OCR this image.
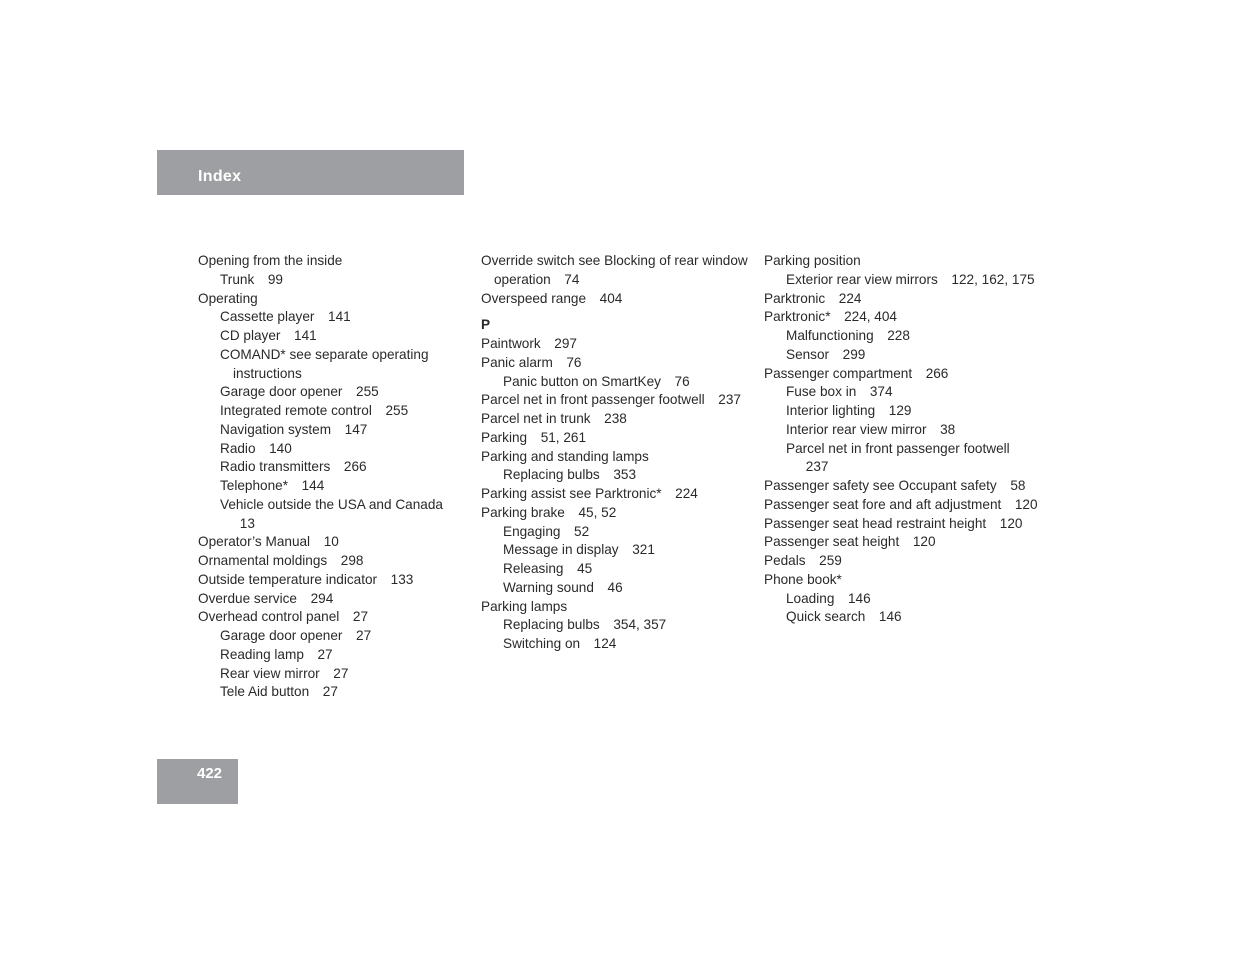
Index
Opening from the inside
Trunk  99
Operating
Cassette player  141
CD player  141
COMAND* see separate operating instructions
Garage door opener  255
Integrated remote control  255
Navigation system  147
Radio  140
Radio transmitters  266
Telephone*  144
Vehicle outside the USA and Canada 13
Operator’s Manual  10
Ornamental moldings  298
Outside temperature indicator  133
Overdue service  294
Overhead control panel  27
Garage door opener  27
Reading lamp  27
Rear view mirror  27
Tele Aid button  27
Override switch see Blocking of rear window operation  74
Overspeed range  404
P
Paintwork  297
Panic alarm  76
Panic button on SmartKey  76
Parcel net in front passenger footwell  237
Parcel net in trunk  238
Parking  51, 261
Parking and standing lamps
Replacing bulbs  353
Parking assist see Parktronic*  224
Parking brake  45, 52
Engaging  52
Message in display  321
Releasing  45
Warning sound  46
Parking lamps
Replacing bulbs  354, 357
Switching on  124
Parking position
Exterior rear view mirrors  122, 162, 175
Parktronic  224
Parktronic*  224, 404
Malfunctioning  228
Sensor  299
Passenger compartment  266
Fuse box in  374
Interior lighting  129
Interior rear view mirror  38
Parcel net in front passenger footwell 237
Passenger safety see Occupant safety  58
Passenger seat fore and aft adjustment  120
Passenger seat head restraint height  120
Passenger seat height  120
Pedals  259
Phone book*
Loading  146
Quick search  146
422
